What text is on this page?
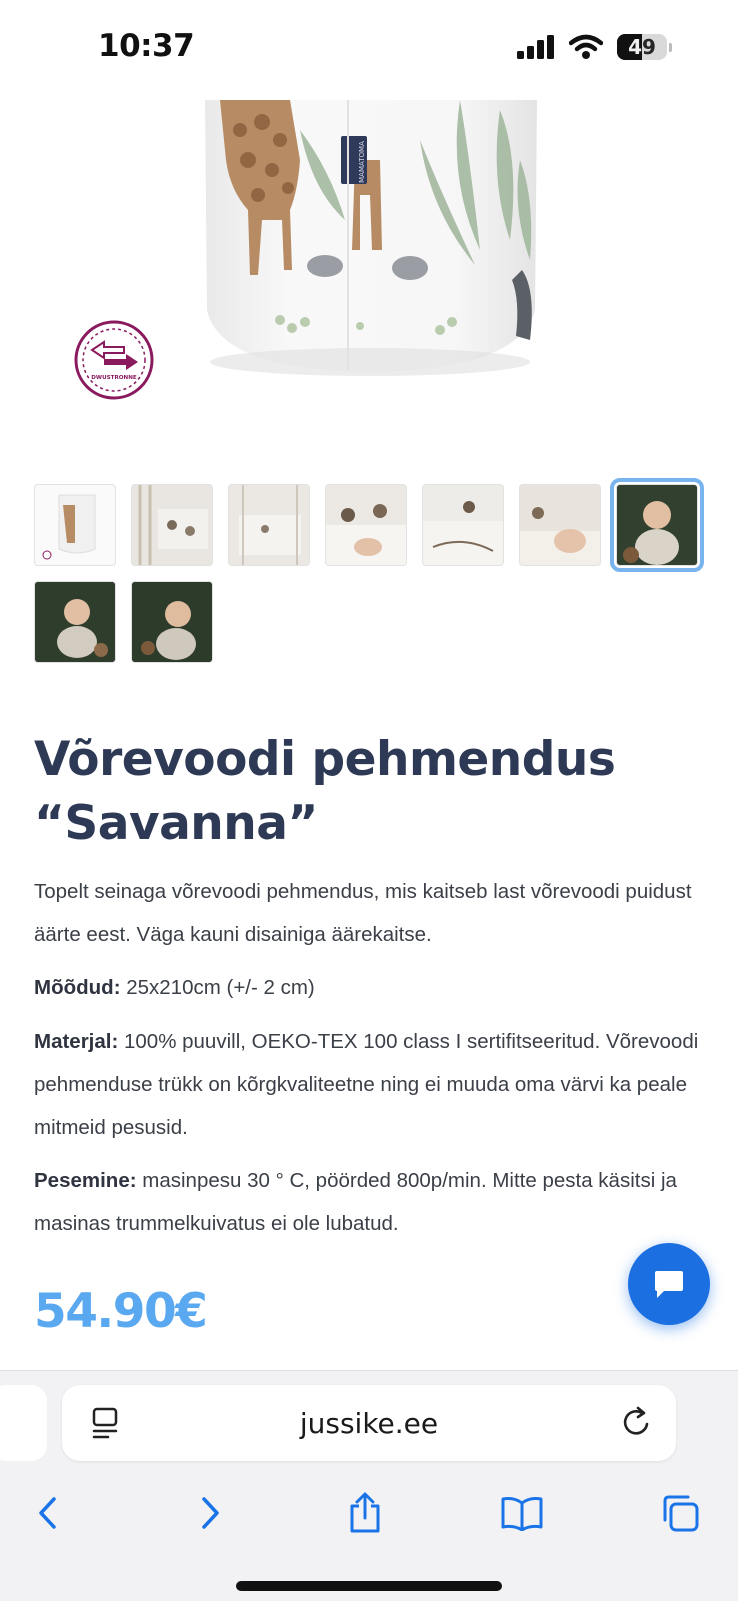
10:37	49
MAMATOMA
DWUSTRONNE
Võrevoodi pehmendus “Savanna”

Topelt seinaga võrevoodi pehmendus, mis kaitseb last võrevoodi puidust äärte eest. Väga kauni disainiga äärekaitse.

Mõõdud: 25x210cm (+/- 2 cm)

Materjal: 100% puuvill, OEKO-TEX 100 class I sertifitseeritud. Võrevoodi pehmenduse trükk on kõrgkvaliteetne ning ei muuda oma värvi ka peale mitmeid pesusid.

Pesemine: masinpesu 30 ° C, pöörded 800p/min. Mitte pesta käsitsi ja masinas trummelkuivatus ei ole lubatud.

54.90€
jussike.ee
